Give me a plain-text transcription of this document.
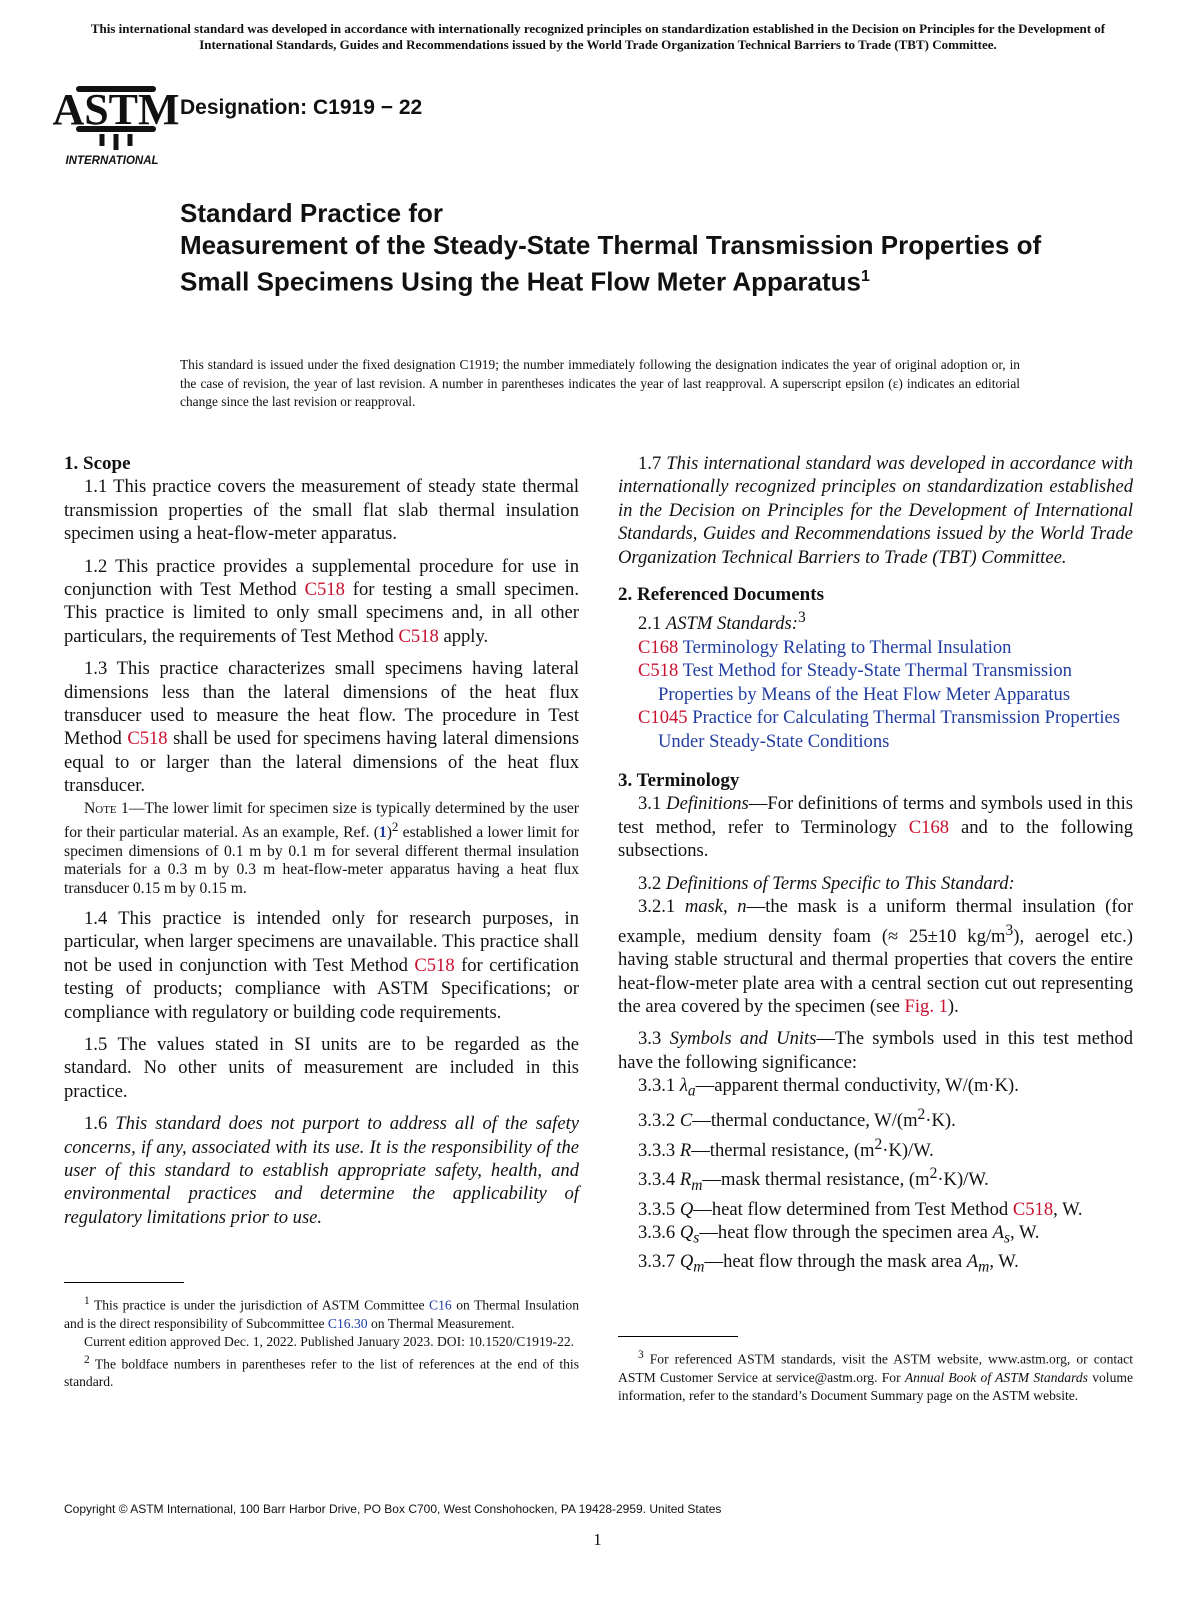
This international standard was developed in accordance with internationally recognized principles on standardization established in the Decision on Principles for the Development of International Standards, Guides and Recommendations issued by the World Trade Organization Technical Barriers to Trade (TBT) Committee.
ASTM
INTERNATIONAL
Designation: C1919 − 22
Standard Practice for
Measurement of the Steady-State Thermal Transmission Properties of Small Specimens Using the Heat Flow Meter Apparatus$^1$
This standard is issued under the fixed designation C1919; the number immediately following the designation indicates the year of original adoption or, in the case of revision, the year of last revision. A number in parentheses indicates the year of last reapproval. A superscript epsilon (ε) indicates an editorial change since the last revision or reapproval.

1. Scope

1.1 This practice covers the measurement of steady state thermal transmission properties of the small flat slab thermal insulation specimen using a heat-flow-meter apparatus.

1.2 This practice provides a supplemental procedure for use in conjunction with Test Method C518 for testing a small specimen. This practice is limited to only small specimens and, in all other particulars, the requirements of Test Method C518 apply.

1.3 This practice characterizes small specimens having lateral dimensions less than the lateral dimensions of the heat flux transducer used to measure the heat flow. The procedure in Test Method C518 shall be used for specimens having lateral dimensions equal to or larger than the lateral dimensions of the heat flux transducer.

Note 1—The lower limit for specimen size is typically determined by the user for their particular material. As an example, Ref. $(1)^2$ established a lower limit for specimen dimensions of 0.1 m by 0.1 m for several different thermal insulation materials for a 0.3 m by 0.3 m heat-flow-meter apparatus having a heat flux transducer 0.15 m by 0.15 m.

1.4 This practice is intended only for research purposes, in particular, when larger specimens are unavailable. This practice shall not be used in conjunction with Test Method C518 for certification testing of products; compliance with ASTM Specifications; or compliance with regulatory or building code requirements.

1.5 The values stated in SI units are to be regarded as the standard. No other units of measurement are included in this practice.

1.6 This standard does not purport to address all of the safety concerns, if any, associated with its use. It is the responsibility of the user of this standard to establish appropriate safety, health, and environmental practices and determine the applicability of regulatory limitations prior to use.

1.7 This international standard was developed in accordance with internationally recognized principles on standardization established in the Decision on Principles for the Development of International Standards, Guides and Recommendations issued by the World Trade Organization Technical Barriers to Trade (TBT) Committee.

2. Referenced Documents

2.1 ASTM Standards:$^3$

C168 Terminology Relating to Thermal Insulation

C518 Test Method for Steady-State Thermal Transmission Properties by Means of the Heat Flow Meter Apparatus

C1045 Practice for Calculating Thermal Transmission Properties Under Steady-State Conditions

3. Terminology

3.1 Definitions—For definitions of terms and symbols used in this test method, refer to Terminology C168 and to the following subsections.

3.2 Definitions of Terms Specific to This Standard:

3.2.1 mask, n—the mask is a uniform thermal insulation (for example, medium density foam (≈ 25±10 $kg/m^3$), aerogel etc.) having stable structural and thermal properties that covers the entire heat-flow-meter plate area with a central section cut out representing the area covered by the specimen (see Fig. 1).

3.3 Symbols and Units—The symbols used in this test method have the following significance:

3.3.1 $\lambda_a—apparent$ thermal conductivity, W/(m·K).

3.3.2 C—thermal conductance, $W/(m^2\cdot K)$.

3.3.3 R—thermal resistance, $(m^2\cdot K)/W$.

3.3.4 $R_m—mask$ thermal resistance, $(m^2\cdot K)/W$.

3.3.5 Q—heat flow determined from Test Method C518, W.

3.3.6 $Q_s—heat$ flow through the specimen area $A_s$, W.

3.3.7 $Q_m—heat$ flow through the mask area $A_m$, W.

$^1$ This practice is under the jurisdiction of ASTM Committee C16 on Thermal Insulation and is the direct responsibility of Subcommittee C16.30 on Thermal Measurement.

Current edition approved Dec. 1, 2022. Published January 2023. DOI: 10.1520/C1919-22.

$^2$ The boldface numbers in parentheses refer to the list of references at the end of this standard.

$^3$ For referenced ASTM standards, visit the ASTM website, www.astm.org, or contact ASTM Customer Service at service@astm.org. For Annual Book of ASTM Standards volume information, refer to the standard’s Document Summary page on the ASTM website.

Copyright © ASTM International, 100 Barr Harbor Drive, PO Box C700, West Conshohocken, PA 19428-2959. United States
1
